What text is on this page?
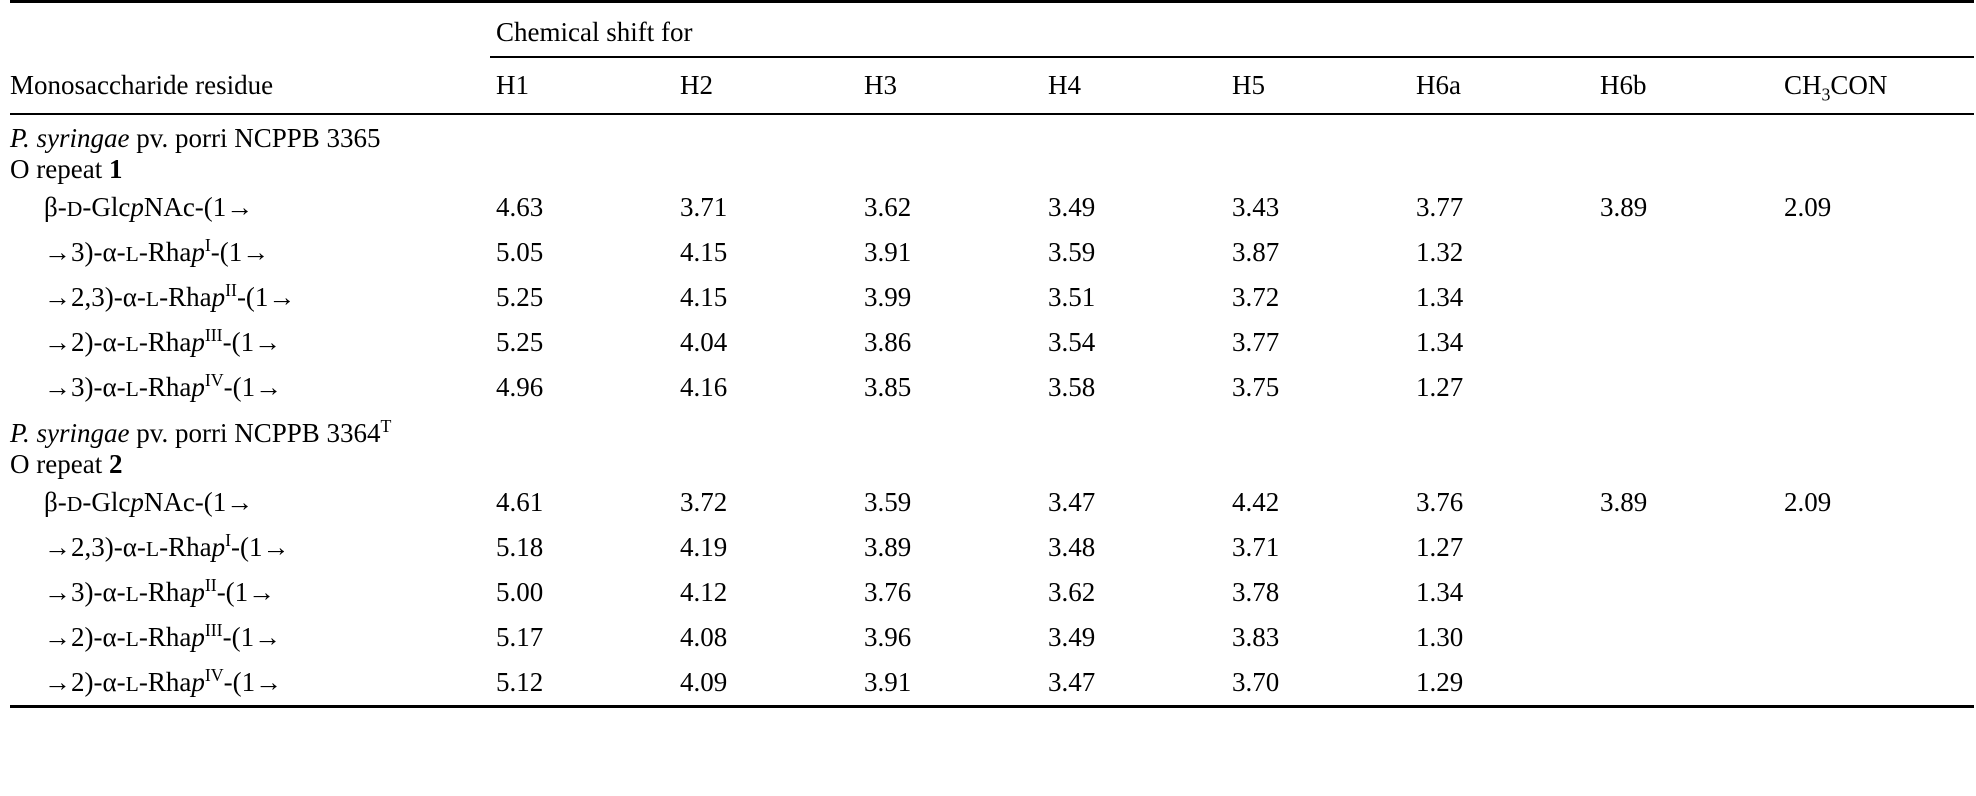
	Chemical shift for							
Monosaccharide residue	H1	H2	H3	H4	H5	H6a	H6b	$CH_3CON$
P. syringae pv. porri NCPPB 3365								
O repeat 1								
β-D-GlcpNAc-(1→	4.63	3.71	3.62	3.49	3.43	3.77	3.89	2.09
→3)-α-L-Rhap$^I$-(1→	5.05	4.15	3.91	3.59	3.87	1.32		
→2,3)-α-L-Rhap$^{II}$-(1→	5.25	4.15	3.99	3.51	3.72	1.34		
→2)-α-L-Rhap$^{III}$-(1→	5.25	4.04	3.86	3.54	3.77	1.34		
→3)-α-L-Rhap$^{IV}$-(1→	4.96	4.16	3.85	3.58	3.75	1.27		
P. syringae pv. porri NCPPB $3364^T$
O repeat 2								
β-D-GlcpNAc-(1→	4.61	3.72	3.59	3.47	4.42	3.76	3.89	2.09
→2,3)-α-L-Rhap$^I$-(1→	5.18	4.19	3.89	3.48	3.71	1.27		
→3)-α-L-Rhap$^{II}$-(1→	5.00	4.12	3.76	3.62	3.78	1.34		
→2)-α-L-Rhap$^{III}$-(1→	5.17	4.08	3.96	3.49	3.83	1.30		
→2)-α-L-Rhap$^{IV}$-(1→	5.12	4.09	3.91	3.47	3.70	1.29		
